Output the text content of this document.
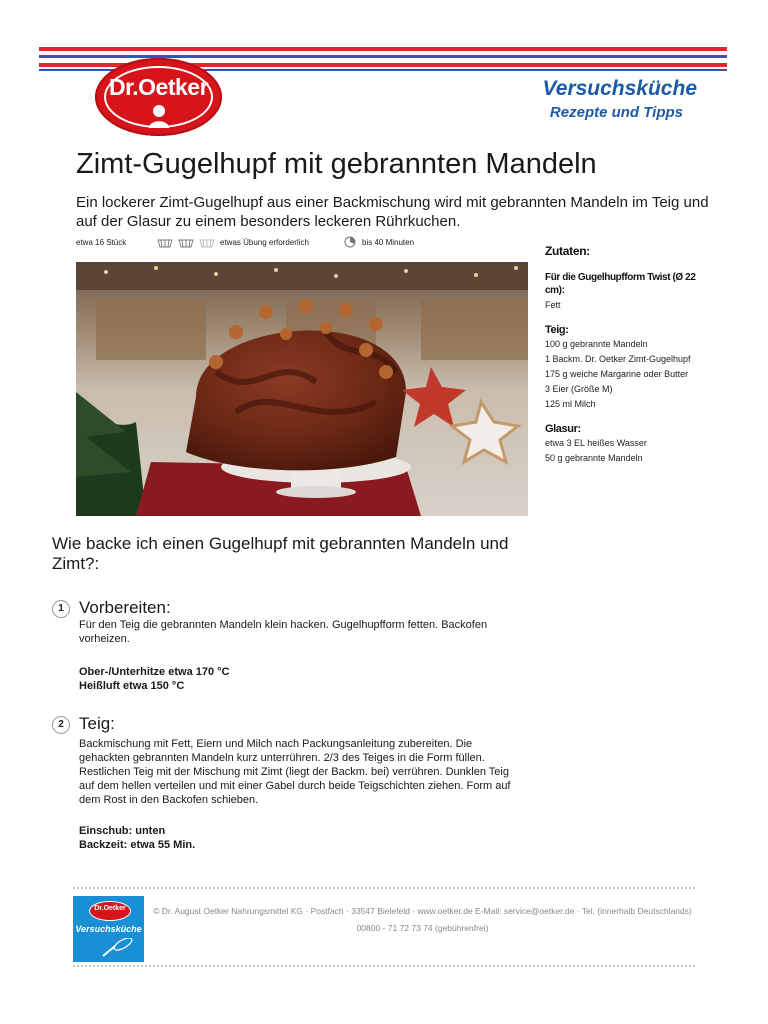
Dr.Oetker	Versuchsküche
Rezepte und Tipps
Zimt-Gugelhupf mit gebrannten Mandeln
Ein lockerer Zimt-Gugelhupf aus einer Backmischung wird mit gebrannten Mandeln im Teig und auf der Glasur zu einem besonders leckeren Rührkuchen.
etwa 16 Stück	etwas Übung erforderlich	bis 40 Minuten
Zutaten:
Für die Gugelhupfform Twist (Ø 22 cm):
Fett
Teig:
100 g gebrannte Mandeln
1 Backm. Dr. Oetker Zimt-Gugelhupf
175 g weiche Margarine oder Butter
3 Eier (Größe M)
125 ml Milch
Glasur:
etwa 3 EL heißes Wasser
50 g gebrannte Mandeln
Wie backe ich einen Gugelhupf mit gebrannten Mandeln und Zimt?:
1 Vorbereiten:
Für den Teig die gebrannten Mandeln klein hacken. Gugelhupfform fetten. Backofen vorheizen.
Ober-/Unterhitze etwa 170 °C
Heißluft etwa 150 °C
2 Teig:
Backmischung mit Fett, Eiern und Milch nach Packungsanleitung zubereiten. Die gehackten gebrannten Mandeln kurz unterrühren. 2/3 des Teiges in die Form füllen. Restlichen Teig mit der Mischung mit Zimt (liegt der Backm. bei) verrühren. Dunklen Teig auf dem hellen verteilen und mit einer Gabel durch beide Teigschichten ziehen. Form auf dem Rost in den Backofen schieben.
Einschub: unten
Backzeit: etwa 55 Min.
Dr.Oetker
Versuchsküche
© Dr. August Oetker Nahrungsmittel KG · Postfach · 33547 Bielefeld · www.oetker.de E-Mail: service@oetker.de · Tel. (innerhalb Deutschlands) 00800 - 71 72 73 74 (gebührenfrei)
